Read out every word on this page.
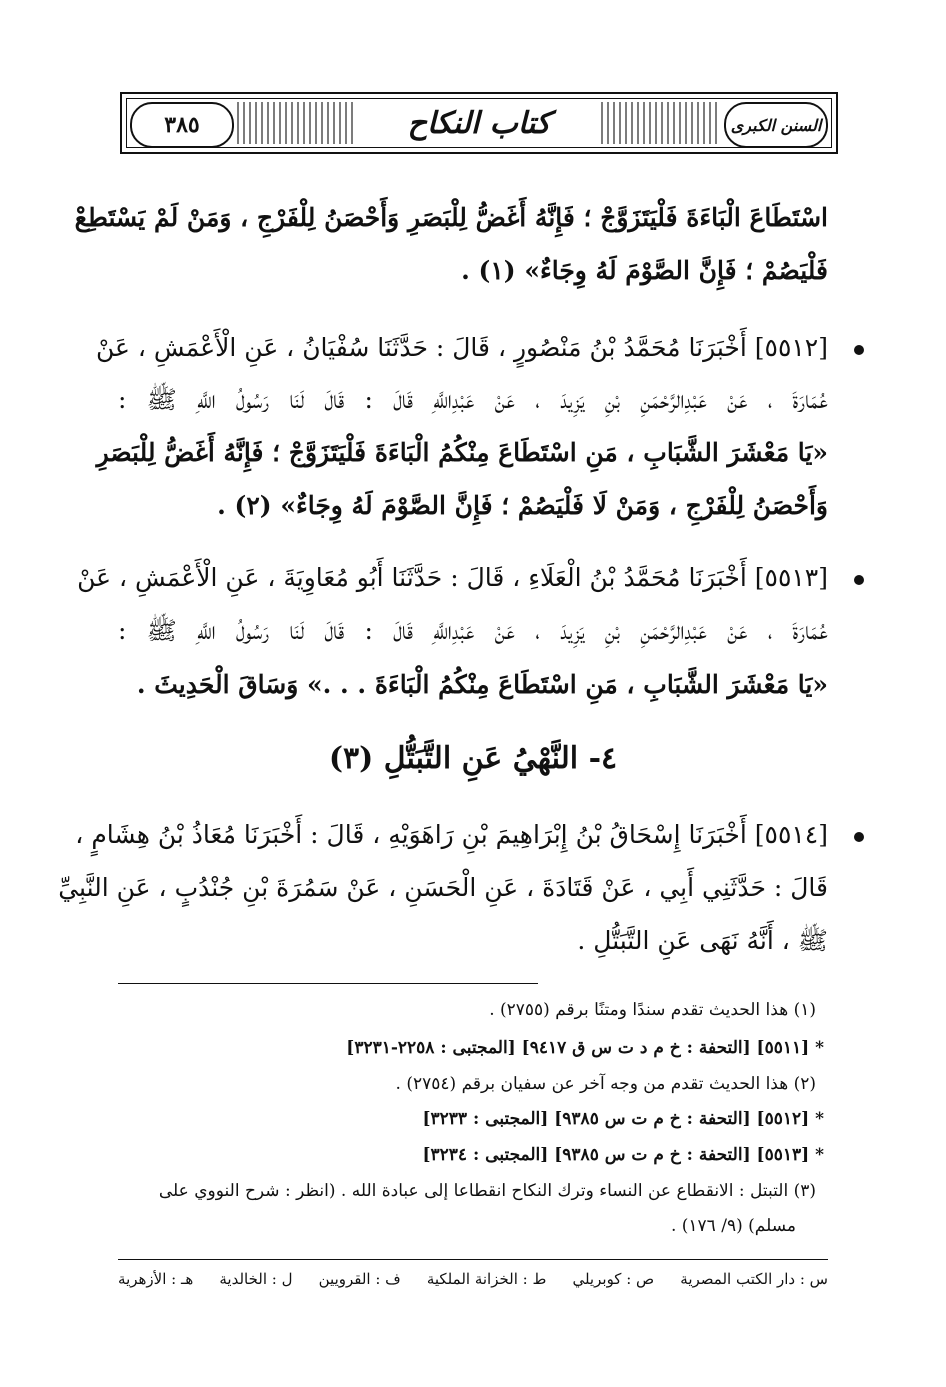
السنن الكبرى
كتاب النكاح
٣٨٥
اسْتَطَاعَ الْبَاءَةَ فَلْيَتَزَوَّجْ ؛ فَإِنَّهُ أَغَضُّ لِلْبَصَرِ وَأَحْصَنُ لِلْفَرْجِ ، وَمَنْ لَمْ يَسْتَطِعْ
فَلْيَصُمْ ؛ فَإِنَّ الصَّوْمَ لَهُ وِجَاءٌ» (١) .
[٥٥١٢] أَخْبَرَنَا مُحَمَّدُ بْنُ مَنْصُورٍ ، قَالَ : حَدَّثَنَا سُفْيَانُ ، عَنِ الْأَعْمَشِ ، عَنْ
عُمَارَةَ ، عَنْ عَبْدِالرَّحْمَنِ بْنِ يَزِيدَ ، عَنْ عَبْدِاللَّهِ قَالَ : قَالَ لَنَا رَسُولُ اللَّهِ ﷺ :
«يَا مَعْشَرَ الشَّبَابِ ، مَنِ اسْتَطَاعَ مِنْكُمُ الْبَاءَةَ فَلْيَتَزَوَّجْ ؛ فَإِنَّهُ أَغَضُّ لِلْبَصَرِ
وَأَحْصَنُ لِلْفَرْجِ ، وَمَنْ لَا فَلْيَصُمْ ؛ فَإِنَّ الصَّوْمَ لَهُ وِجَاءٌ» (٢) .
[٥٥١٣] أَخْبَرَنَا مُحَمَّدُ بْنُ الْعَلَاءِ ، قَالَ : حَدَّثَنَا أَبُو مُعَاوِيَةَ ، عَنِ الْأَعْمَشِ ، عَنْ
عُمَارَةَ ، عَنْ عَبْدِالرَّحْمَنِ بْنِ يَزِيدَ ، عَنْ عَبْدِاللَّهِ قَالَ : قَالَ لَنَا رَسُولُ اللَّهِ ﷺ :
«يَا مَعْشَرَ الشَّبَابِ ، مَنِ اسْتَطَاعَ مِنْكُمُ الْبَاءَةَ . . .» وَسَاقَ الْحَدِيثَ .
٤- النَّهْيُ عَنِ التَّبَتُّلِ (٣)
[٥٥١٤] أَخْبَرَنَا إِسْحَاقُ بْنُ إِبْرَاهِيمَ بْنِ رَاهَوَيْهِ ، قَالَ : أَخْبَرَنَا مُعَاذُ بْنُ هِشَامٍ ،
قَالَ : حَدَّثَنِي أَبِي ، عَنْ قَتَادَةَ ، عَنِ الْحَسَنِ ، عَنْ سَمُرَةَ بْنِ جُنْدُبٍ ، عَنِ النَّبِيِّ
ﷺ ، أَنَّهُ نَهَى عَنِ التَّبَتُّلِ .
(١) هذا الحديث تقدم سندًا ومتنًا برقم (٢٧٥٥) .
* [٥٥١١] [التحفة : خ م د ت س ق ٩٤١٧] [المجتبى : ٢٢٥٨-٣٢٣١]
(٢) هذا الحديث تقدم من وجه آخر عن سفيان برقم (٢٧٥٤) .
* [٥٥١٢] [التحفة : خ م ت س ٩٣٨٥] [المجتبى : ٣٢٣٣]
* [٥٥١٣] [التحفة : خ م ت س ٩٣٨٥] [المجتبى : ٣٢٣٤]
(٣) التبتل : الانقطاع عن النساء وترك النكاح انقطاعا إلى عبادة الله . (انظر : شرح النووي على
مسلم) (٩/ ١٧٦) .
س : دار الكتب المصرية
ص : كوبريلي
ط : الخزانة الملكية
ف : القرويين
ل : الخالدية
هـ : الأزهرية
